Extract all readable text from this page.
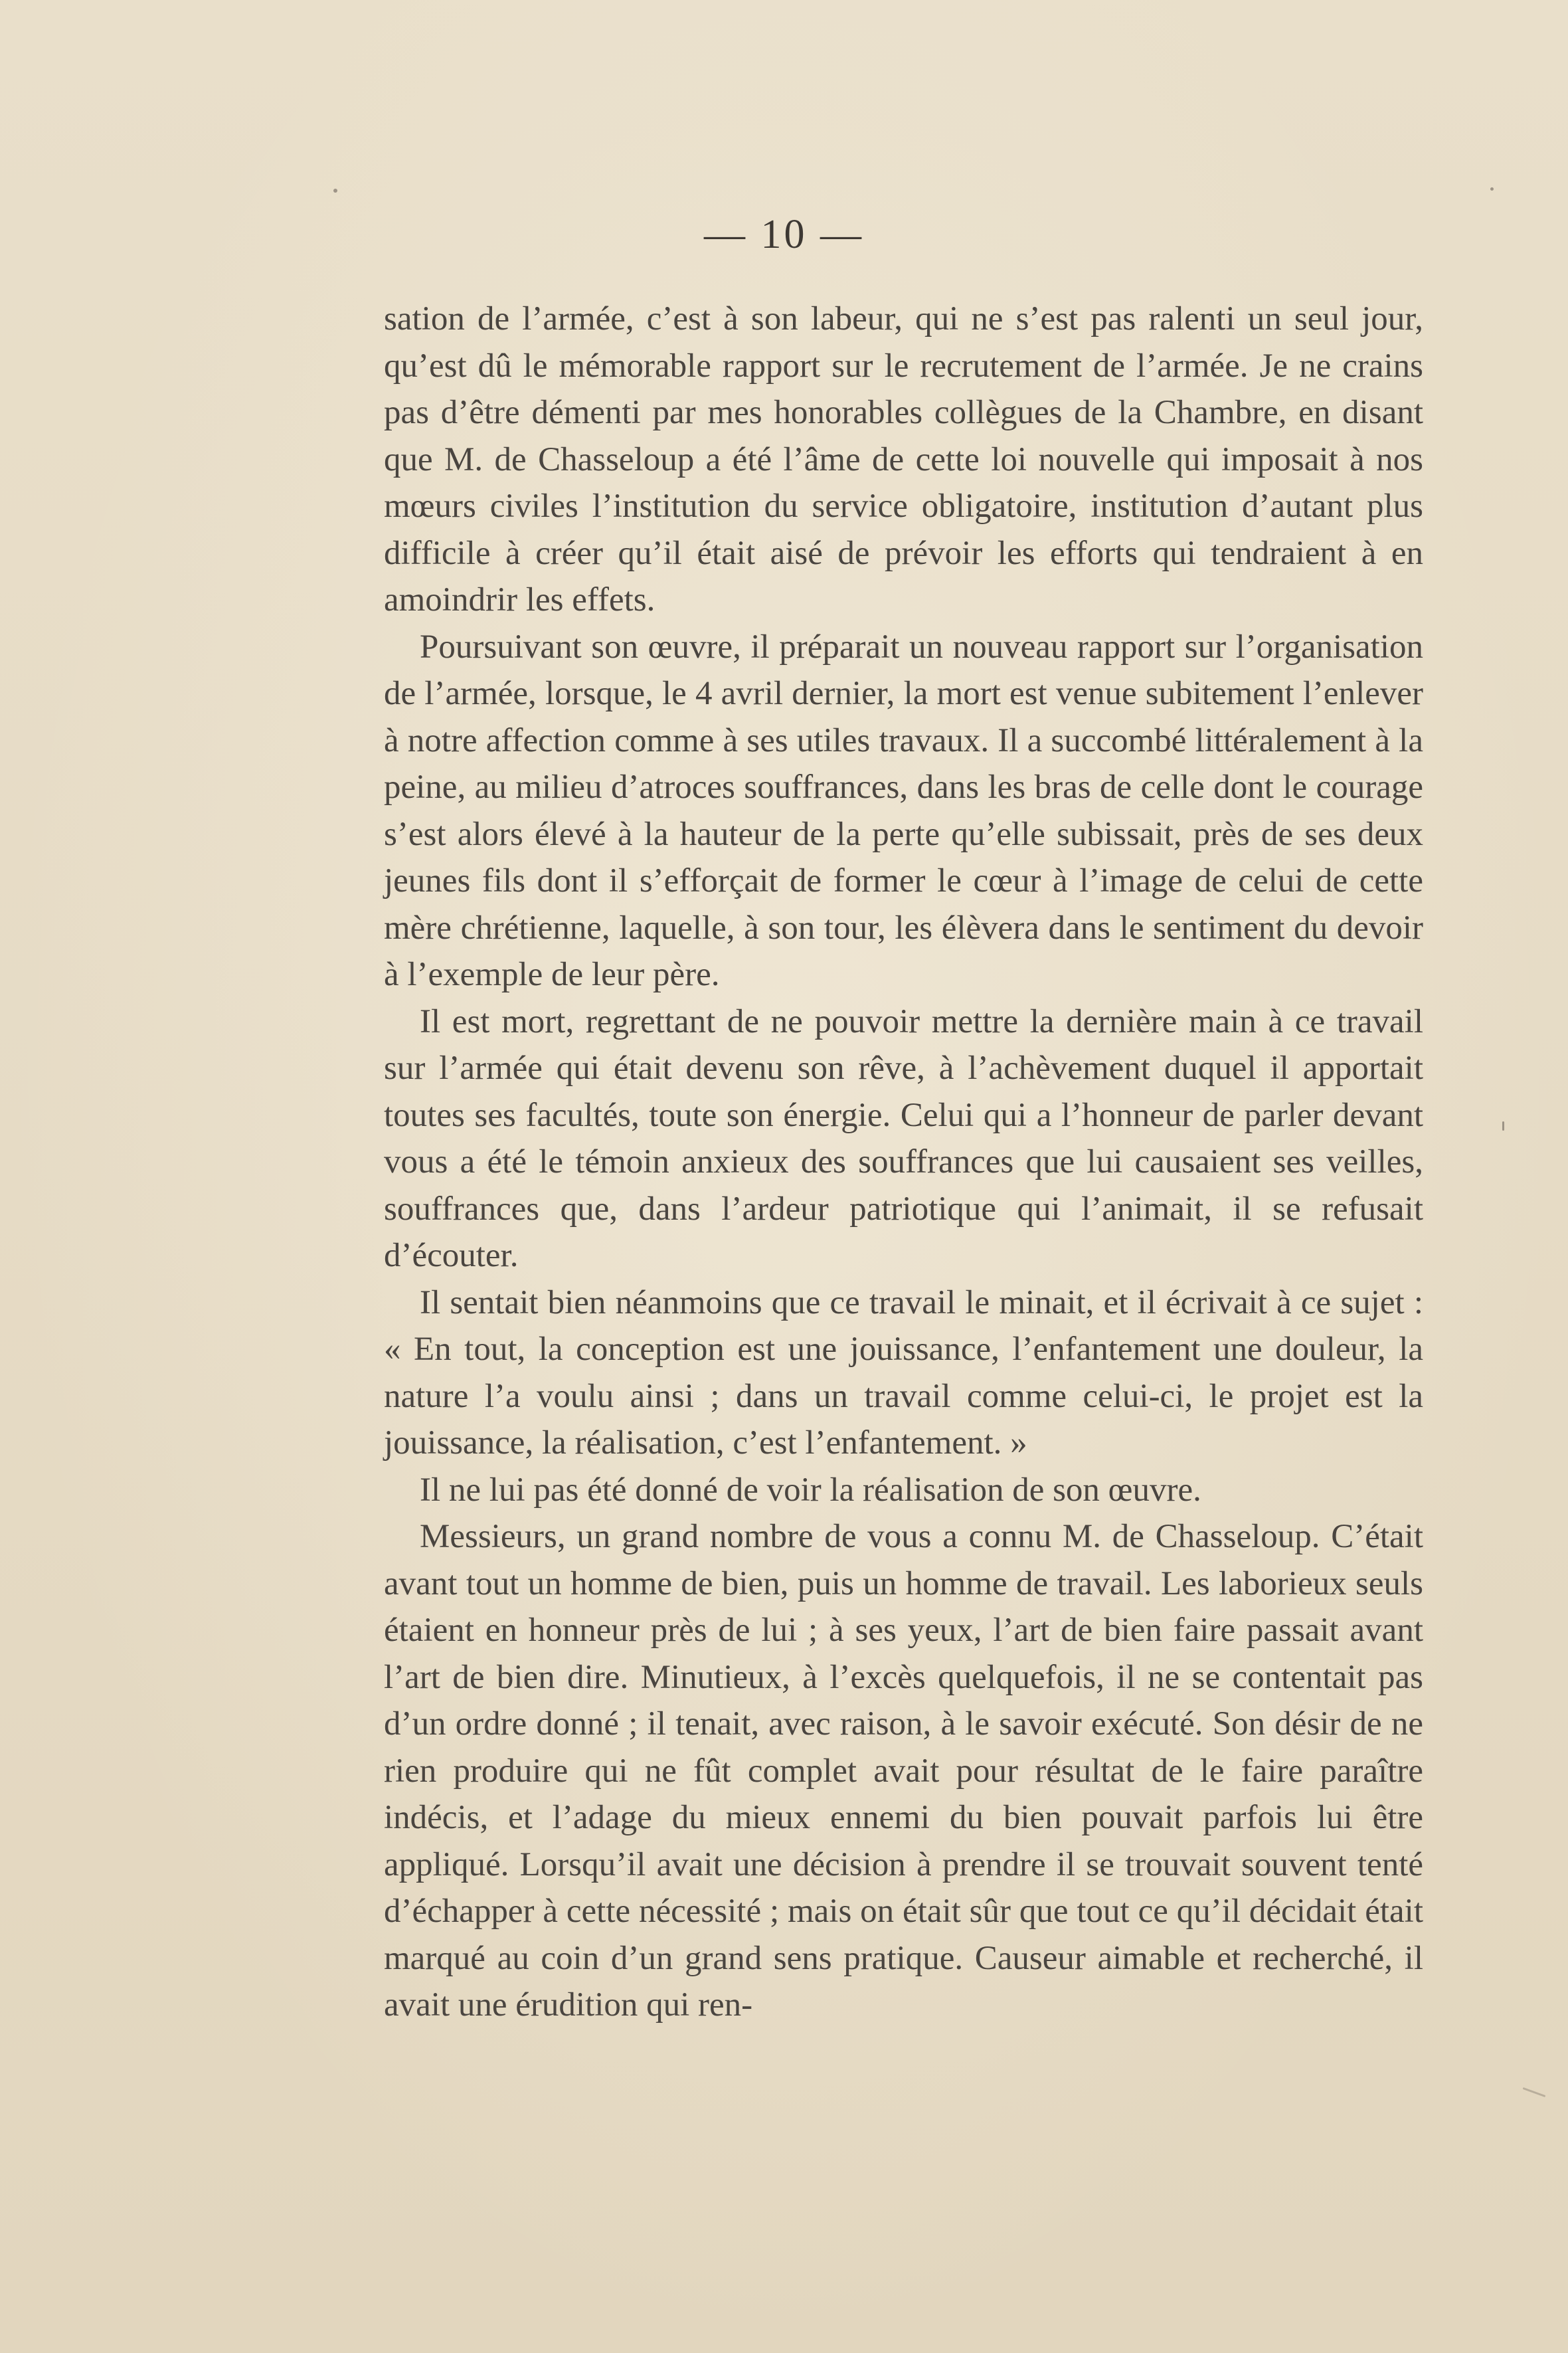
— 10 —

sation de l’armée, c’est à son labeur, qui ne s’est pas ralenti un seul jour, qu’est dû le mémorable rapport sur le recrutement de l’armée. Je ne crains pas d’être démenti par mes honorables collègues de la Chambre, en disant que M. de Chasseloup a été l’âme de cette loi nouvelle qui imposait à nos mœurs civiles l’institution du service obligatoire, institution d’autant plus difficile à créer qu’il était aisé de prévoir les efforts qui tendraient à en amoindrir les effets.

Poursuivant son œuvre, il préparait un nouveau rapport sur l’organisation de l’armée, lorsque, le 4 avril dernier, la mort est venue subitement l’enlever à notre affection comme à ses utiles travaux. Il a succombé littéralement à la peine, au milieu d’atroces souffrances, dans les bras de celle dont le courage s’est alors élevé à la hauteur de la perte qu’elle subissait, près de ses deux jeunes fils dont il s’efforçait de former le cœur à l’image de celui de cette mère chrétienne, laquelle, à son tour, les élèvera dans le sentiment du devoir à l’exemple de leur père.

Il est mort, regrettant de ne pouvoir mettre la dernière main à ce travail sur l’armée qui était devenu son rêve, à l’achèvement duquel il apportait toutes ses facultés, toute son énergie. Celui qui a l’honneur de parler devant vous a été le témoin anxieux des souffrances que lui causaient ses veilles, souffrances que, dans l’ardeur patriotique qui l’animait, il se refusait d’écouter.

Il sentait bien néanmoins que ce travail le minait, et il écrivait à ce sujet : « En tout, la conception est une jouissance, l’enfantement une douleur, la nature l’a voulu ainsi ; dans un travail comme celui-ci, le projet est la jouissance, la réalisation, c’est l’enfantement. »

Il ne lui pas été donné de voir la réalisation de son œuvre.

Messieurs, un grand nombre de vous a connu M. de Chasseloup. C’était avant tout un homme de bien, puis un homme de travail. Les laborieux seuls étaient en honneur près de lui ; à ses yeux, l’art de bien faire passait avant l’art de bien dire. Minutieux, à l’excès quelquefois, il ne se contentait pas d’un ordre donné ; il tenait, avec raison, à le savoir exécuté. Son désir de ne rien produire qui ne fût complet avait pour résultat de le faire paraître indécis, et l’adage du mieux ennemi du bien pouvait parfois lui être appliqué. Lorsqu’il avait une décision à prendre il se trouvait souvent tenté d’échapper à cette nécessité ; mais on était sûr que tout ce qu’il décidait était marqué au coin d’un grand sens pratique. Causeur aimable et recherché, il avait une érudition qui ren-
